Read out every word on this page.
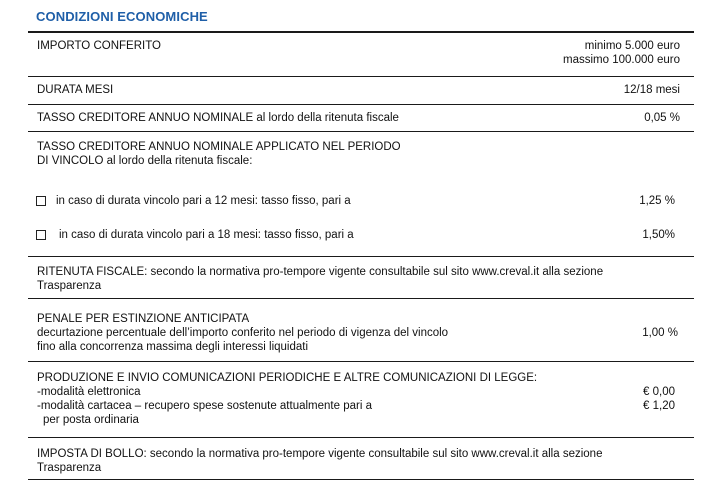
CONDIZIONI ECONOMICHE
IMPORTO CONFERITO	minimo 5.000 euro
massimo 100.000 euro
DURATA MESI	12/18 mesi
TASSO CREDITORE ANNUO NOMINALE al lordo della ritenuta fiscale	0,05 %
TASSO CREDITORE ANNUO NOMINALE APPLICATO NEL PERIODO
DI VINCOLO al lordo della ritenuta fiscale:
in caso di durata vincolo pari a 12 mesi: tasso fisso, pari a	1,25 %
in caso di durata vincolo pari a 18 mesi: tasso fisso, pari a	1,50%
RITENUTA FISCALE: secondo la normativa pro-tempore vigente consultabile sul sito www.creval.it alla sezione
Trasparenza
PENALE PER ESTINZIONE ANTICIPATA
decurtazione percentuale dell’importo conferito nel periodo di vigenza del vincolo
fino alla concorrenza massima degli interessi liquidati
1,00 %
PRODUZIONE E INVIO COMUNICAZIONI PERIODICHE E ALTRE COMUNICAZIONI DI LEGGE:
-modalità elettronica	€ 0,00
-modalità cartacea – recupero spese sostenute attualmente pari a	€ 1,20
per posta ordinaria
IMPOSTA DI BOLLO: secondo la normativa pro-tempore vigente consultabile sul sito www.creval.it alla sezione
Trasparenza
